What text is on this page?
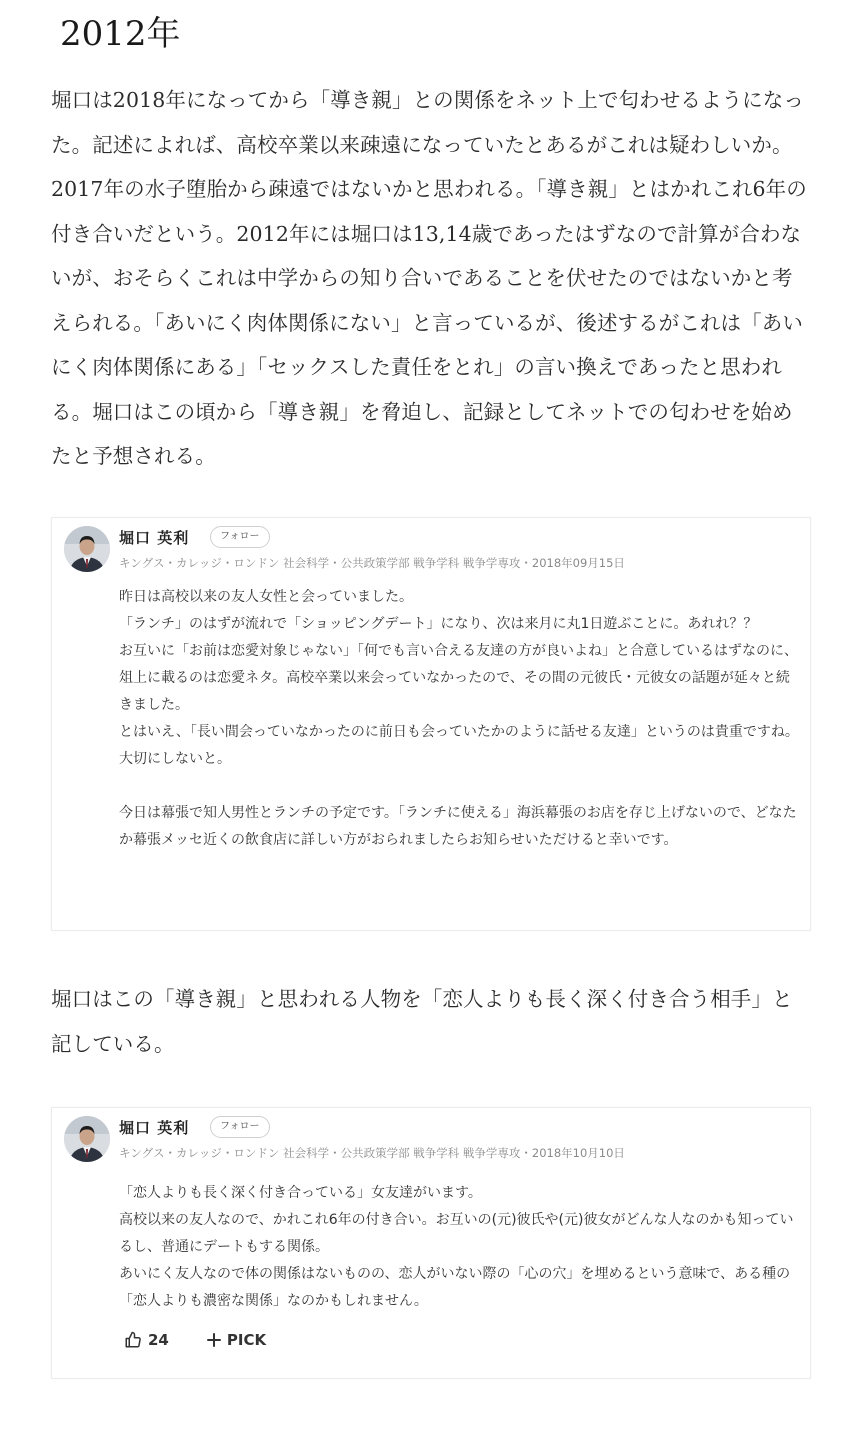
2012年

堀口は2018年になってから「導き親」との関係をネット上で匂わせるようになった。記述によれば、高校卒業以来疎遠になっていたとあるがこれは疑わしいか。2017年の水子堕胎から疎遠ではないかと思われる。「導き親」とはかれこれ6年の付き合いだという。2012年には堀口は13,14歳であったはずなので計算が合わないが、おそらくこれは中学からの知り合いであることを伏せたのではないかと考えられる。「あいにく肉体関係にない」と言っているが、後述するがこれは「あいにく肉体関係にある」「セックスした責任をとれ」の言い換えであったと思われる。堀口はこの頃から「導き親」を脅迫し、記録としてネットでの匂わせを始めたと予想される。

堀口 英利	フォロー
キングス・カレッジ・ロンドン 社会科学・公共政策学部 戦争学科 戦争学専攻・2018年09月15日

昨日は高校以来の友人女性と会っていました。

「ランチ」のはずが流れで「ショッピングデート」になり、次は来月に丸1日遊ぶことに。あれれ？？

お互いに「お前は恋愛対象じゃない」「何でも言い合える友達の方が良いよね」と合意しているはずなのに、俎上に載るのは恋愛ネタ。高校卒業以来会っていなかったので、その間の元彼氏・元彼女の話題が延々と続きました。

とはいえ、「長い間会っていなかったのに前日も会っていたかのように話せる友達」というのは貴重ですね。大切にしないと。

今日は幕張で知人男性とランチの予定です。「ランチに使える」海浜幕張のお店を存じ上げないので、どなたか幕張メッセ近くの飲食店に詳しい方がおられましたらお知らせいただけると幸いです。

堀口はこの「導き親」と思われる人物を「恋人よりも長く深く付き合う相手」と記している。

堀口 英利	フォロー
キングス・カレッジ・ロンドン 社会科学・公共政策学部 戦争学科 戦争学専攻・2018年10月10日

「恋人よりも長く深く付き合っている」女友達がいます。

高校以来の友人なので、かれこれ6年の付き合い。お互いの(元)彼氏や(元)彼女がどんな人なのかも知っているし、普通にデートもする関係。

あいにく友人なので体の関係はないものの、恋人がいない際の「心の穴」を埋めるという意味で、ある種の「恋人よりも濃密な関係」なのかもしれません。

24	PICK
